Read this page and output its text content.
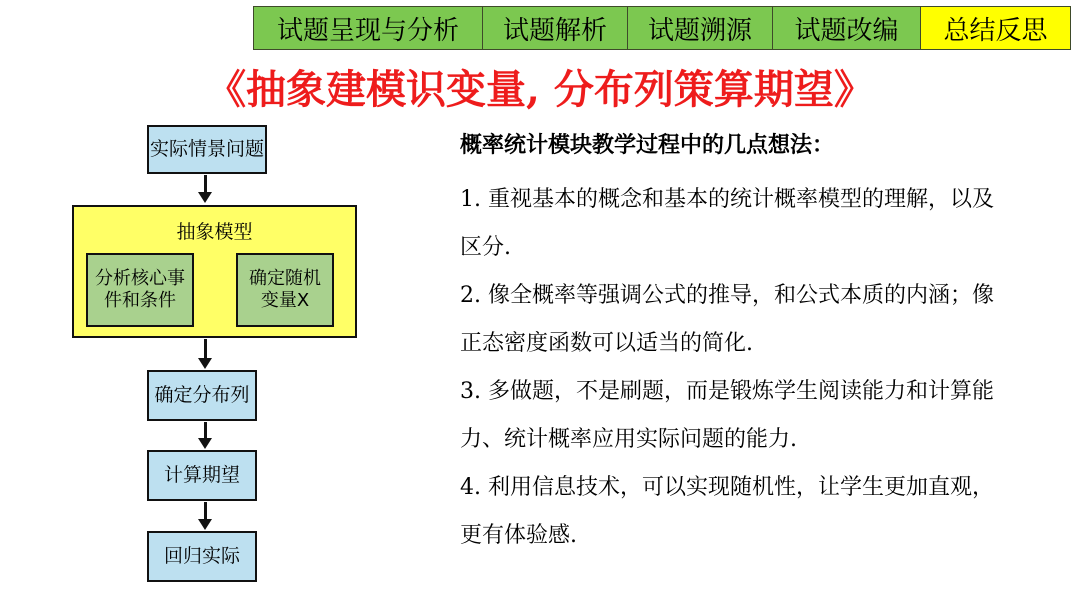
试题呈现与分析	试题解析	试题溯源	试题改编	总结反思
《抽象建模识变量, 分布列策算期望》
实际情景问题
抽象模型
分析核心事件和条件
确定随机变量X
确定分布列
计算期望
回归实际
概率统计模块教学过程中的几点想法：
1. 重视基本的概念和基本的统计概率模型的理解，以及区分.
2. 像全概率等强调公式的推导，和公式本质的内涵；像正态密度函数可以适当的简化.
3. 多做题，不是刷题，而是锻炼学生阅读能力和计算能力、统计概率应用实际问题的能力.
4. 利用信息技术，可以实现随机性，让学生更加直观，更有体验感.
